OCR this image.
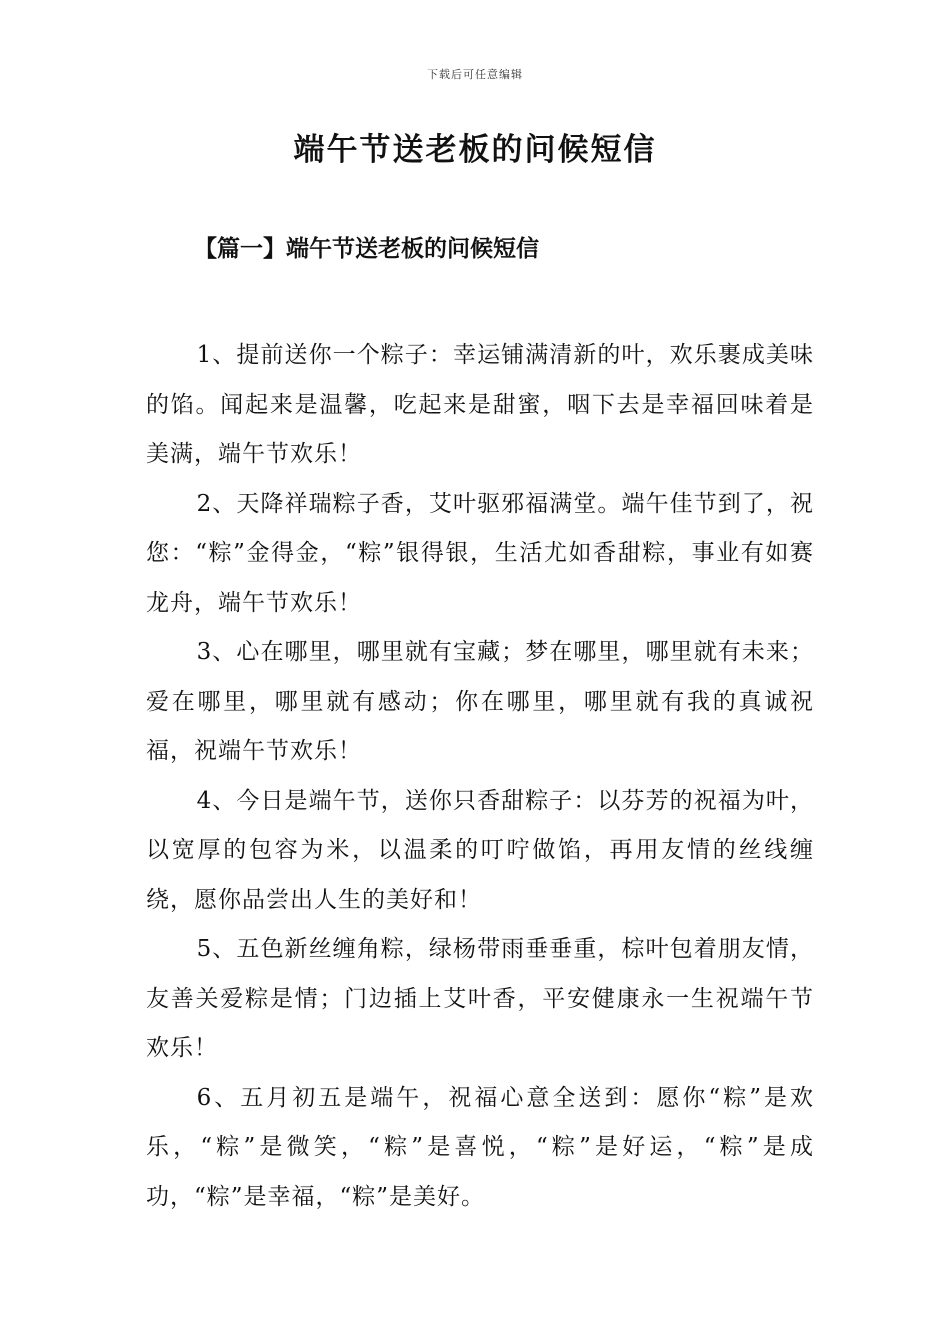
下载后可任意编辑
端午节送老板的问候短信
【篇一】端午节送老板的问候短信

1、提前送你一个粽子：幸运铺满清新的叶，欢乐裹成美味的馅。闻起来是温馨，吃起来是甜蜜，咽下去是幸福回味着是美满，端午节欢乐！

2、天降祥瑞粽子香，艾叶驱邪福满堂。端午佳节到了，祝您：“粽”金得金，“粽”银得银，生活尤如香甜粽，事业有如赛龙舟，端午节欢乐！

3、心在哪里，哪里就有宝藏；梦在哪里，哪里就有未来；爱在哪里，哪里就有感动；你在哪里，哪里就有我的真诚祝福，祝端午节欢乐！

4、今日是端午节，送你只香甜粽子：以芬芳的祝福为叶，以宽厚的包容为米，以温柔的叮咛做馅，再用友情的丝线缠绕，愿你品尝出人生的美好和！

5、五色新丝缠角粽，绿杨带雨垂垂重，棕叶包着朋友情，友善关爱粽是情；门边插上艾叶香，平安健康永一生祝端午节欢乐！

6、五月初五是端午，祝福心意全送到：愿你“粽”是欢乐，“粽”是微笑，“粽”是喜悦，“粽”是好运，“粽”是成功，“粽”是幸福，“粽”是美好。
